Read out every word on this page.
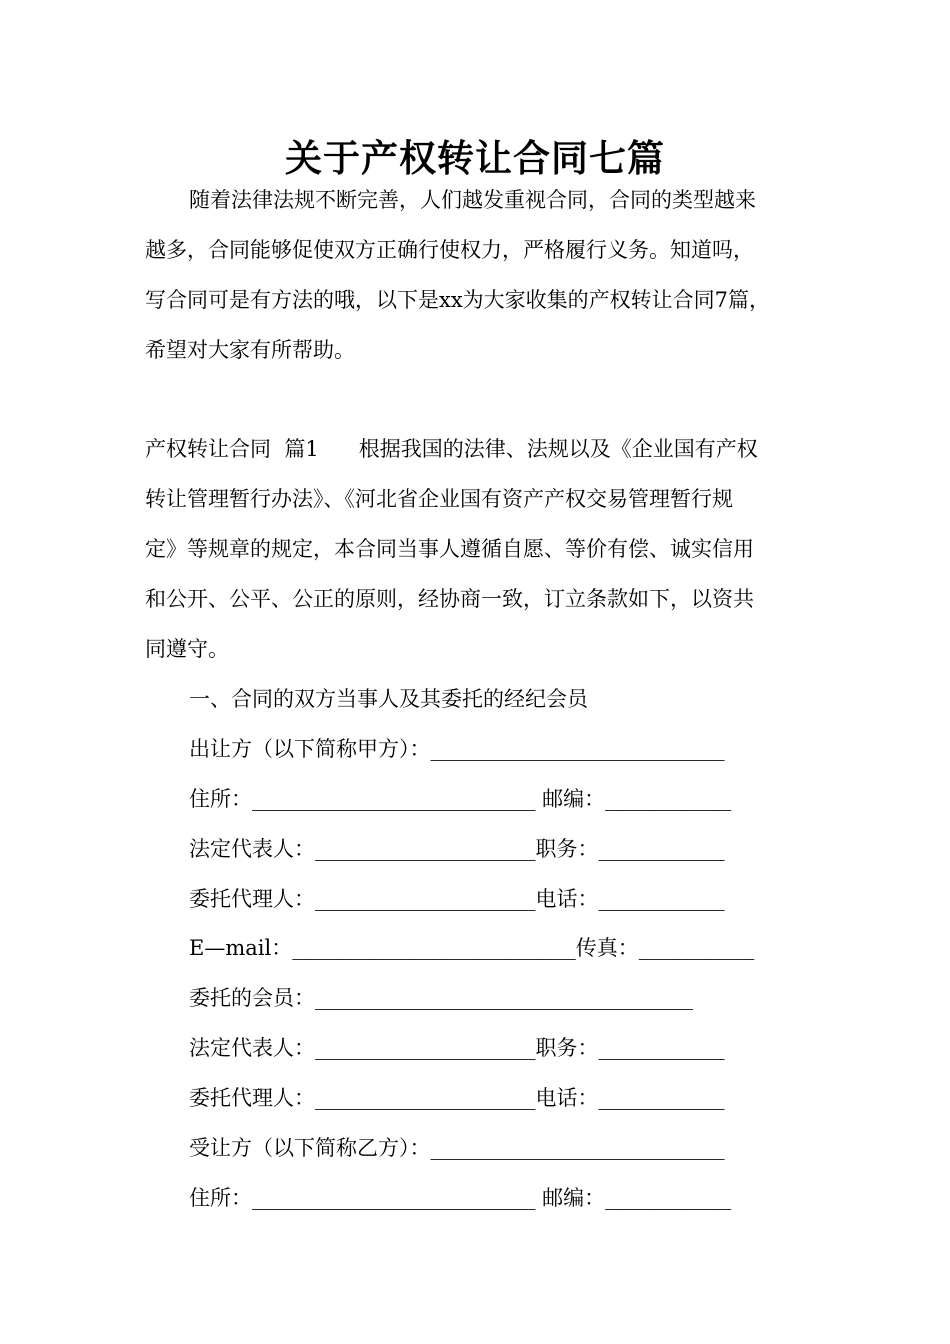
关于产权转让合同七篇
随着法律法规不断完善，人们越发重视合同，合同的类型越来
越多，合同能够促使双方正确行使权力，严格履行义务。知道吗，
写合同可是有方法的哦，以下是xx为大家收集的产权转让合同7篇，
希望对大家有所帮助。
产权转让合同  篇1      根据我国的法律、法规以及《企业国有产权
转让管理暂行办法》、《河北省企业国有资产产权交易管理暂行规
定》等规章的规定，本合同当事人遵循自愿、等价有偿、诚实信用
和公开、公平、公正的原则，经协商一致，订立条款如下，以资共
同遵守。
一、合同的双方当事人及其委托的经纪会员
出让方（以下简称甲方）：____________________________
住所：___________________________ 邮编：____________
法定代表人：_____________________职务：____________
委托代理人：_____________________电话：____________
E—mail：___________________________传真：___________
委托的会员：____________________________________
法定代表人：_____________________职务：____________
委托代理人：_____________________电话：____________
受让方（以下简称乙方）：____________________________
住所：___________________________ 邮编：____________
